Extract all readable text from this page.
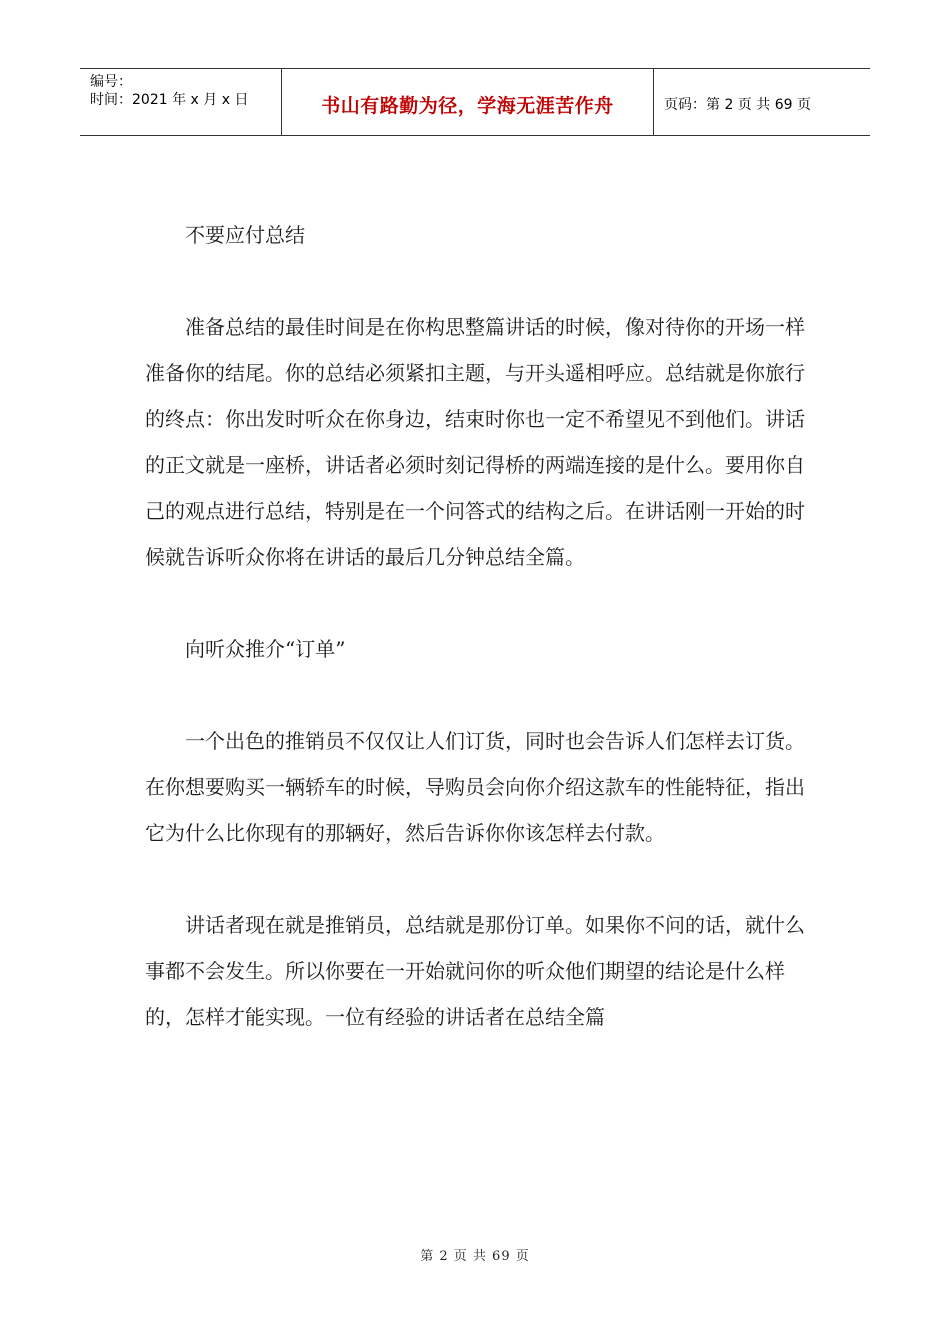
编号：
时间：2021 年 x 月 x 日	书山有路勤为径，学海无涯苦作舟	页码：第 2 页 共 69 页

不要应付总结

准备总结的最佳时间是在你构思整篇讲话的时候，像对待你的开场一样准备你的结尾。你的总结必须紧扣主题，与开头遥相呼应。总结就是你旅行的终点：你出发时听众在你身边，结束时你也一定不希望见不到他们。讲话的正文就是一座桥，讲话者必须时刻记得桥的两端连接的是什么。要用你自己的观点进行总结，特别是在一个问答式的结构之后。在讲话刚一开始的时候就告诉听众你将在讲话的最后几分钟总结全篇。

向听众推介“订单”

一个出色的推销员不仅仅让人们订货，同时也会告诉人们怎样去订货。在你想要购买一辆轿车的时候，导购员会向你介绍这款车的性能特征，指出它为什么比你现有的那辆好，然后告诉你你该怎样去付款。

讲话者现在就是推销员，总结就是那份订单。如果你不问的话，就什么事都不会发生。所以你要在一开始就问你的听众他们期望的结论是什么样的，怎样才能实现。一位有经验的讲话者在总结全篇

第 2 页 共 69 页
